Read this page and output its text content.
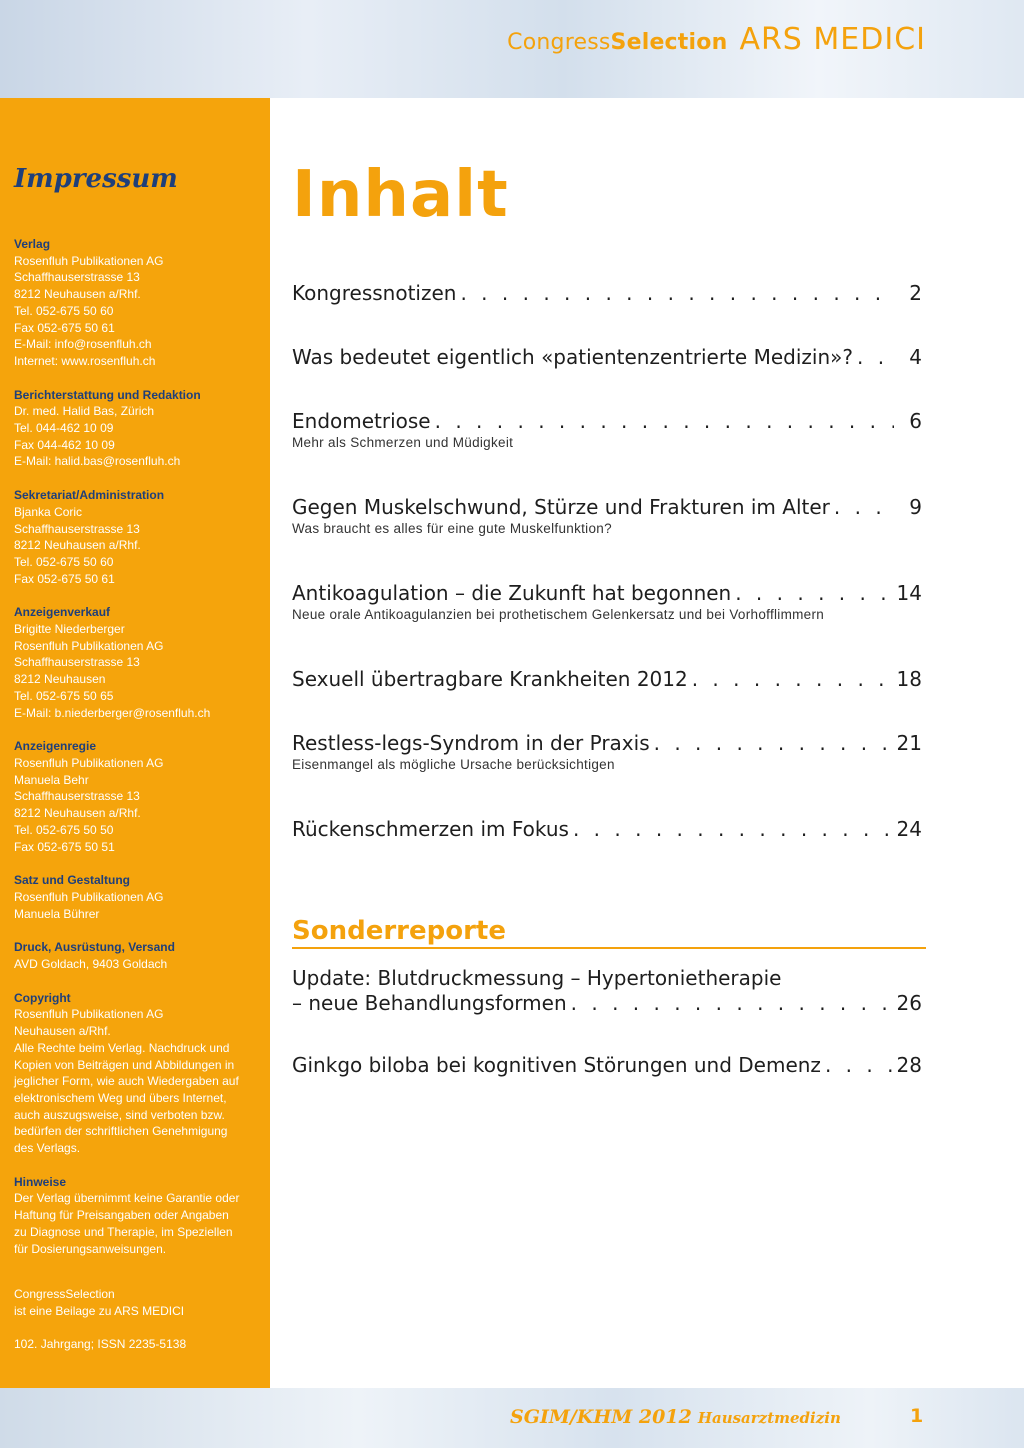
CongressSelection ARS MEDICI
Impressum
Verlag
Rosenfluh Publikationen AG
Schaffhauserstrasse 13
8212 Neuhausen a/Rhf.
Tel. 052-675 50 60
Fax 052-675 50 61
E-Mail: info@rosenfluh.ch
Internet: www.rosenfluh.ch
Berichterstattung und Redaktion
Dr. med. Halid Bas, Zürich
Tel. 044-462 10 09
Fax 044-462 10 09
E-Mail: halid.bas@rosenfluh.ch
Sekretariat/Administration
Bjanka Coric
Schaffhauserstrasse 13
8212 Neuhausen a/Rhf.
Tel. 052-675 50 60
Fax 052-675 50 61
Anzeigenverkauf
Brigitte Niederberger
Rosenfluh Publikationen AG
Schaffhauserstrasse 13
8212 Neuhausen
Tel. 052-675 50 65
E-Mail: b.niederberger@rosenfluh.ch
Anzeigenregie
Rosenfluh Publikationen AG
Manuela Behr
Schaffhauserstrasse 13
8212 Neuhausen a/Rhf.
Tel. 052-675 50 50
Fax 052-675 50 51
Satz und Gestaltung
Rosenfluh Publikationen AG
Manuela Bührer
Druck, Ausrüstung, Versand
AVD Goldach, 9403 Goldach
Copyright
Rosenfluh Publikationen AG
Neuhausen a/Rhf.
Alle Rechte beim Verlag. Nachdruck und
Kopien von Beiträgen und Abbildungen in
jeglicher Form, wie auch Wiedergaben auf
elektronischem Weg und übers Internet,
auch auszugsweise, sind verboten bzw.
bedürfen der schriftlichen Genehmigung
des Verlags.
Hinweise
Der Verlag übernimmt keine Garantie oder
Haftung für Preisangaben oder Angaben
zu Diagnose und Therapie, im Speziellen
für Dosierungsanweisungen.
CongressSelection
ist eine Beilage zu ARS MEDICI
102. Jahrgang; ISSN 2235-5138
Inhalt
Kongressnotizen . . .	2
Was bedeutet eigentlich «patientenzentrierte Medizin»? . . .	4
Endometriose . . .	6
Mehr als Schmerzen und Müdigkeit
Gegen Muskelschwund, Stürze und Frakturen im Alter . . .	9
Was braucht es alles für eine gute Muskelfunktion?
Antikoagulation – die Zukunft hat begonnen . . .	14
Neue orale Antikoagulanzien bei prothetischem Gelenkersatz und bei Vorhofflimmern
Sexuell übertragbare Krankheiten 2012 . . .	18
Restless-legs-Syndrom in der Praxis . . .	21
Eisenmangel als mögliche Ursache berücksichtigen
Rückenschmerzen im Fokus . . .	24
Sonderreporte
Update: Blutdruckmessung – Hypertonietherapie
– neue Behandlungsformen . . .	26
Ginkgo biloba bei kognitiven Störungen und Demenz . . .	28
SGIM/KHM 2012 Hausarztmedizin	1
